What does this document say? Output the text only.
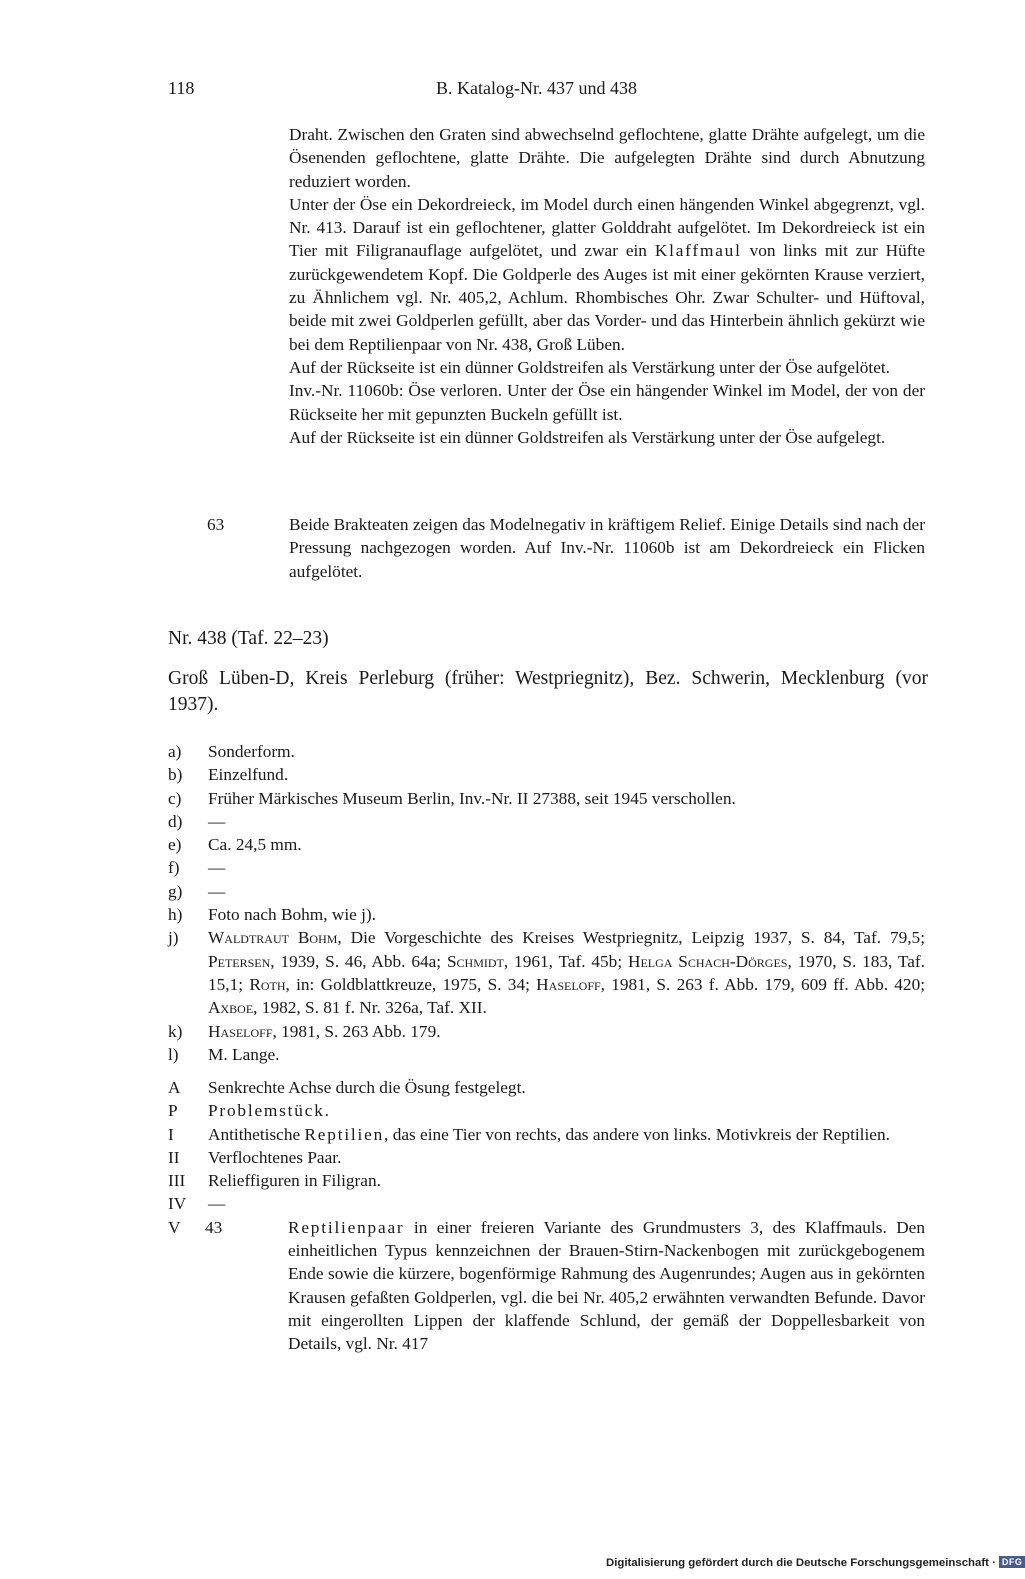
118	B. Katalog-Nr. 437 und 438

Draht. Zwischen den Graten sind abwechselnd geflochtene, glatte Drähte aufgelegt, um die Ösenenden geflochtene, glatte Drähte. Die aufgelegten Drähte sind durch Abnutzung reduziert worden.

Unter der Öse ein Dekordreieck, im Model durch einen hängenden Winkel abgegrenzt, vgl. Nr. 413. Darauf ist ein geflochtener, glatter Golddraht aufgelötet. Im Dekordreieck ist ein Tier mit Filigranauflage aufgelötet, und zwar ein Klaffmaul von links mit zur Hüfte zurückgewendetem Kopf. Die Goldperle des Auges ist mit einer gekörnten Krause verziert, zu Ähnlichem vgl. Nr. 405,2, Achlum. Rhombisches Ohr. Zwar Schulter- und Hüftoval, beide mit zwei Goldperlen gefüllt, aber das Vorder- und das Hinterbein ähnlich gekürzt wie bei dem Reptilienpaar von Nr. 438, Groß Lüben.

Auf der Rückseite ist ein dünner Goldstreifen als Verstärkung unter der Öse aufgelötet.

Inv.-Nr. 11060b: Öse verloren. Unter der Öse ein hängender Winkel im Model, der von der Rückseite her mit gepunzten Buckeln gefüllt ist.

Auf der Rückseite ist ein dünner Goldstreifen als Verstärkung unter der Öse aufgelegt.

63	Beide Brakteaten zeigen das Modelnegativ in kräftigem Relief. Einige Details sind nach der Pressung nachgezogen worden. Auf Inv.-Nr. 11060b ist am Dekordreieck ein Flicken aufgelötet.

Nr. 438 (Taf. 22–23)
Groß Lüben-D, Kreis Perleburg (früher: Westpriegnitz), Bez. Schwerin, Mecklenburg (vor 1937).
a) Sonderform.

b) Einzelfund.

c) Früher Märkisches Museum Berlin, Inv.-Nr. II 27388, seit 1945 verschollen.

d) —

e) Ca. 24,5 mm.

f) —

g) —

h) Foto nach Bohm, wie j).

j) Waldtraut Bohm, Die Vorgeschichte des Kreises Westpriegnitz, Leipzig 1937, S. 84, Taf. 79,5; Petersen, 1939, S. 46, Abb. 64a; Schmidt, 1961, Taf. 45b; Helga Schach-Dörges, 1970, S. 183, Taf. 15,1; Roth, in: Goldblattkreuze, 1975, S. 34; Haseloff, 1981, S. 263 f. Abb. 179, 609 ff. Abb. 420; Axboe, 1982, S. 81 f. Nr. 326a, Taf. XII.

k) Haseloff, 1981, S. 263 Abb. 179.

l) M. Lange.

A Senkrechte Achse durch die Ösung festgelegt.

P Problemstück.

I Antithetische Reptilien, das eine Tier von rechts, das andere von links. Motivkreis der Reptilien.

II Verflochtenes Paar.

III Relieffiguren in Filigran.

IV —

V 43	Reptilienpaar in einer freieren Variante des Grundmusters 3, des Klaffmauls. Den einheitlichen Typus kennzeichnen der Brauen-Stirn-Nackenbogen mit zurückgebogenem Ende sowie die kürzere, bogenförmige Rahmung des Augenrundes; Augen aus in gekörnten Krausen gefaßten Goldperlen, vgl. die bei Nr. 405,2 erwähnten verwandten Befunde. Davor mit eingerollten Lippen der klaffende Schlund, der gemäß der Doppellesbarkeit von Details, vgl. Nr. 417

Digitalisierung gefördert durch die Deutsche Forschungsgemeinschaft · DFG
